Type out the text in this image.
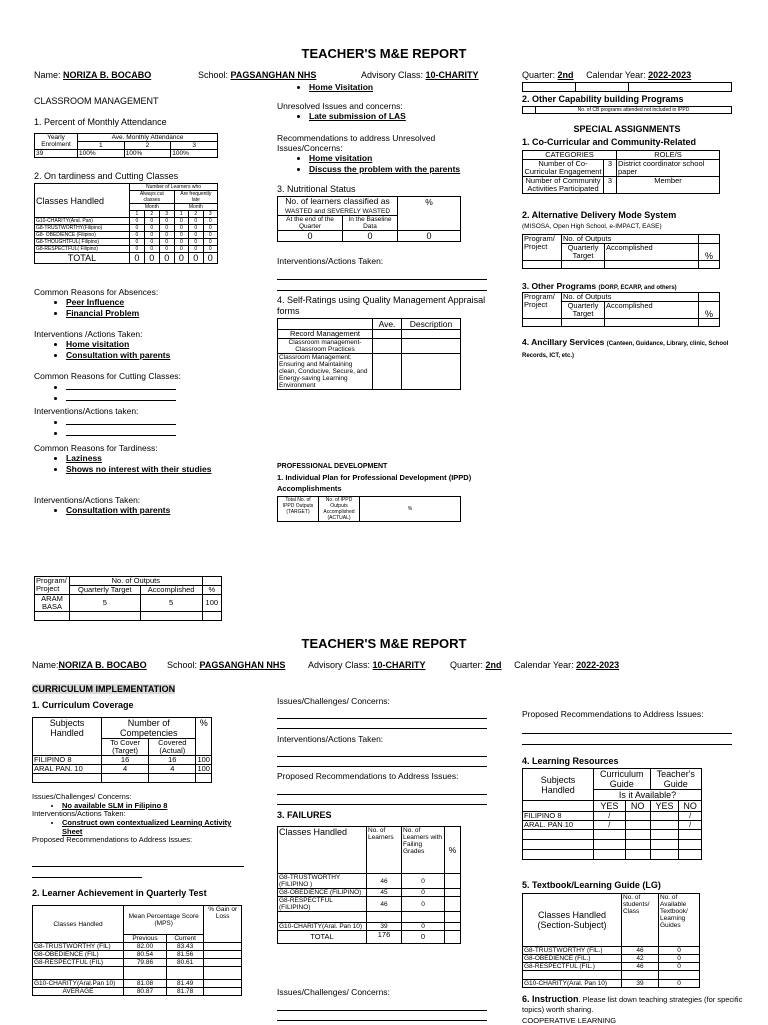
TEACHER'S M&E REPORT
Name: NORIZA B. BOCABO	School: PAGSANGHAN NHS	Advisory Class: 10-CHARITY	Quarter: 2nd Calendar Year: 2022-2023
CLASSROOM MANAGEMENT
1. Percent of Monthly Attendance
Yearly Enrolment	Ave. Monthly Attendance		
	1	2	3
39	100%	100%	100%
2. On tardiness and Cutting Classes
Classes Handled	Number of Learners who					
	Always cut classes			Are frequently late		
	Month			Month		
	1	2	3	1	2	3
G10-CHARITY(Aral. Pan)	0	0	0	0	0	0
G8-TRUSTWORTHY(Filipino)	0	0	0	0	0	0
G8- OBEDIENCE (Filipino)	0	0	0	0	0	0
G8-THOUGHTFUL( Filipino)	0	0	0	0	0	0
G8-RESPECTFUL( Filipino)	0	0	0	0	0	0
TOTAL	0	0	0	0	0	0
Common Reasons for Absences:
• Peer Influence
• Financial Problem
Interventions /Actions Taken:
• Home visitation
• Consultation with parents
Common Reasons for Cutting Classes:
•
•
Interventions/Actions taken:
•
•
Common Reasons for Tardiness:
• Laziness
• Shows no interest with their studies
Interventions/Actions Taken:
• Consultation with parents
Program/ Project	No. of Outputs		
	Quarterly Target	Accomplished	%
ARAM BASA	5	5	100

• Home Visitation
Unresolved Issues and concerns:
• Late submission of LAS
Recommendations to address Unresolved Issues/Concerns:
• Home visitation
• Discuss the problem with the parents
3. Nutritional Status
No. of learners classified as
WASTED and SEVERELY WASTED		%
At the end of the Quarter	In the Baseline Data	
0	0	0
Interventions/Actions Taken:
4. Self-Ratings using Quality Management Appraisal forms
	Ave.	Description
Record Management		
Classroom management- Classroom Practices		
Classroom Management: Ensuring and Maintaining clean, Conducive, Secure, and Energy-saving Learning Environment		
PROFESSIONAL DEVELOPMENT
1. Individual Plan for Professional Development (IPPD) Accomplishments
Total No. of IPPD Outputs (TARGET)	No. of IPPD Outputs Accomplished (ACTUAL)	%

2. Other Capability building Programs
	No. of CB programs attended not included in IPPD
SPECIAL ASSIGNMENTS
1. Co-Curricular and Community-Related
CATEGORIES		ROLE/S
Number of Co-Curricular Engagement	3	District coordinator school paper
Number of Community Activities Participated	3	Member
2. Alternative Delivery Mode System
(MISOSA, Open High School, e-IMPACT, EASE)
Program/ Project	No. of Outputs		
	Quarterly Target	Accomplished	%

3. Other Programs (DORP, ECARP, and others)
Program/ Project	No. of Outputs		
	Quarterly Target	Accomplished	%

4. Ancillary Services (Canteen, Guidance, Library, clinic, School Records, ICT, etc.)
TEACHER'S M&E REPORT
Name:NORIZA B. BOCABO School: PAGSANGHAN NHS	Advisory Class: 10-CHARITY	Quarter: 2nd Calendar Year: 2022-2023
CURRICULUM IMPLEMENTATION
1. Curriculum Coverage
Subjects Handled	Number of Competencies		%
	To Cover (Target)	Covered (Actual)	
FILIPINO 8	16	16	100
ARAL PAN. 10	4	4	100

Issues/Challenges/ Concerns:
• No available SLM in Filipino 8
Interventions/Actions Taken:
• Construct own contextualized Learning Activity Sheet
Proposed Recommendations to Address Issues:
2. Learner Achievement in Quarterly Test
Classes Handled	Mean Percentage Score (MPS)		% Gain or Loss
	Previous	Current	
G8-TRUSTWORTHY (FIL)	82.00	83.43	
G8-OBEDIENCE (FIL)	80.54	81.56	
G8-RESPECTFUL (FIL)	79.86	80.61	

G10-CHARITY(Aral.Pan 10)	81.08	81.49	
AVERAGE	80.87	81.78	
Issues/Challenges/ Concerns:
Interventions/Actions Taken:
Proposed Recommendations to Address Issues:
3. FAILURES
Classes Handled	No. of Learners	No. of Learners with Failing Grades	%
G8-TRUSTWORTHY (FILIPINO )	46	0	
G8-OBEDIENCE (FILIPINO)	45	0	
G8-RESPECTFUL (FILIPINO)	46	0	

G10-CHARITY(Aral. Pan 10)	39	0	
TOTAL	176	0	
Issues/Challenges/ Concerns:
Proposed Recommendations to Address Issues:
4. Learning Resources
Subjects Handled	Curriculum Guide		Teacher's Guide	
	Is it Available?			
	YES	NO	YES	NO
FILIPINO 8	/			/
ARAL. PAN 10	/			/

5. Textbook/Learning Guide (LG)
Classes Handled (Section-Subject)	No. of students/ Class	No. of Available Textbook/ Learning Guides
G8-TRUSTWORTHY (FIL.)	46	0
G8-OBEDIENCE (FIL.)	42	0
G8-RESPECTFUL (FIL.)	46	0

G10-CHARITY(Aral. Pan 10)	39	0
6. Instruction. Please list down teaching strategies (for specific topics) worth sharing.
COOPERATIVE LEARNING
